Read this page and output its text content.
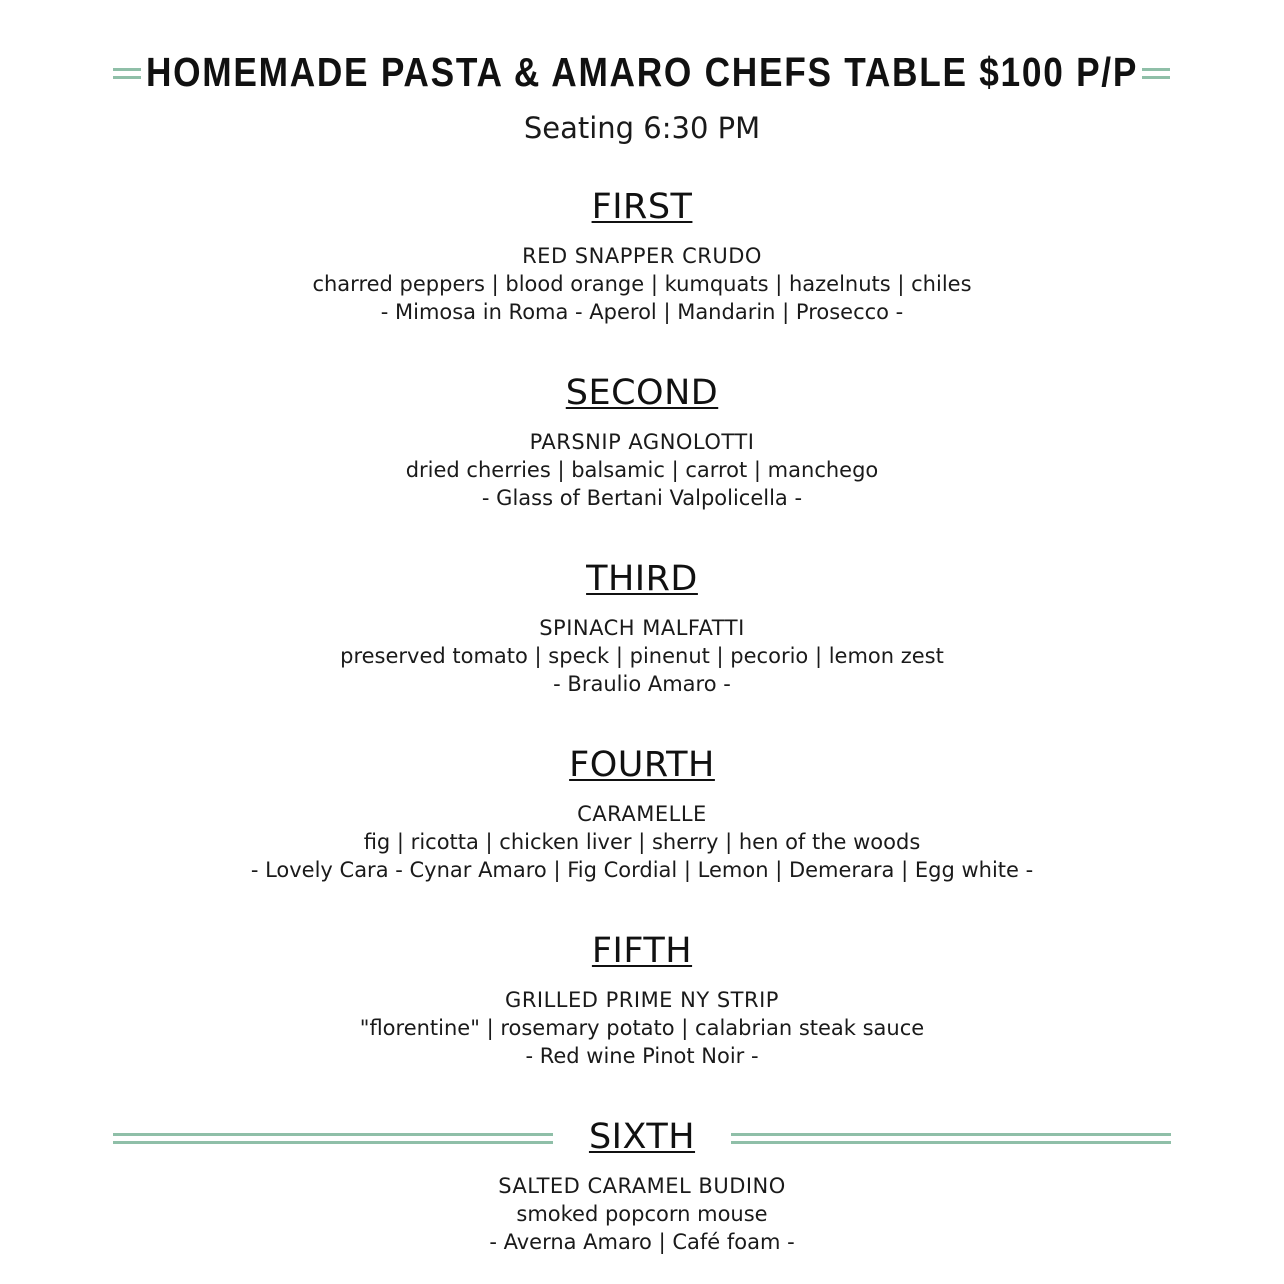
HOMEMADE PASTA & AMARO CHEFS TABLE $100 P/P
Seating 6:30 PM
FIRST
RED SNAPPER CRUDO
charred peppers | blood orange | kumquats | hazelnuts | chiles
- Mimosa in Roma - Aperol | Mandarin | Prosecco -
SECOND
PARSNIP AGNOLOTTI
dried cherries | balsamic | carrot | manchego
- Glass of Bertani Valpolicella -
THIRD
SPINACH MALFATTI
preserved tomato | speck | pinenut | pecorio | lemon zest
- Braulio Amaro -
FOURTH
CARAMELLE
fig | ricotta | chicken liver | sherry | hen of the woods
- Lovely Cara - Cynar Amaro | Fig Cordial | Lemon | Demerara | Egg white -
FIFTH
GRILLED PRIME NY STRIP
"florentine" | rosemary potato | calabrian steak sauce
- Red wine Pinot Noir -
SIXTH
SALTED CARAMEL BUDINO
smoked popcorn mouse
- Averna Amaro | Café foam -
